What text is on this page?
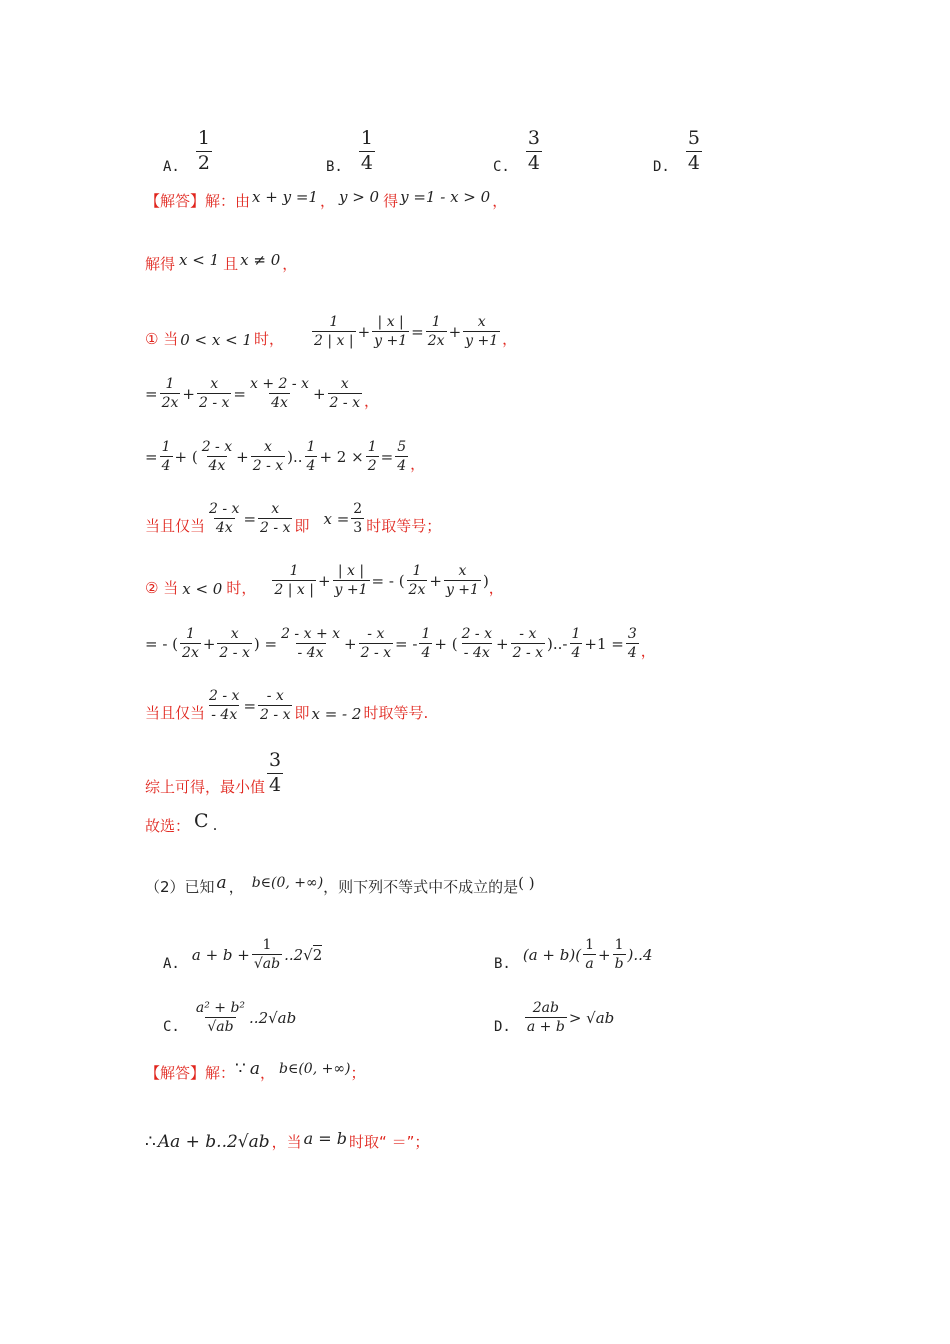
A. $\frac{1}{2}$	B. $\frac{1}{4}$	C. $\frac{3}{4}$	D. $\frac{5}{4}$
【解答】解： 由 x + y =1 ， y > 0 得 y =1 - x > 0 ，
解得 x < 1 且 x ≠ 0 ，
① 当 0 < x < 1 时， $\frac{1}{2 | x |} + \frac{| x |}{y +1} = \frac{1}{2x} + \frac{x}{y +1}$ ，
= $\frac{1}{2x} + \frac{x}{2 - x} = \frac{x + 2 - x}{4x} + \frac{x}{2 - x}$ ，
= $\frac{1}{4}$ + ( $\frac{2 - x}{4x} + \frac{x}{2 - x}$ ).. $\frac{1}{4} + 2 \times \frac{1}{2} = \frac{5}{4}$ ，
当且仅当 $\frac{2 - x}{4x} = \frac{x}{2 - x}$ 即 $x = \frac{2}{3}$ 时取等号；
② 当 x < 0 时， $\frac{1}{2 | x |} + \frac{| x |}{y +1}$ = - ( $\frac{1}{2x} + \frac{x}{y +1}$ ) ，
= - ( $\frac{1}{2x} + \frac{x}{2 - x}$ ) = $\frac{2 - x + x}{- 4x} + \frac{- x}{2 - x}$ = - $\frac{1}{4}$ + ( $\frac{2 - x}{- 4x} + \frac{- x}{2 - x}$ )..- $\frac{1}{4} +1 = \frac{3}{4}$ ，
当且仅当 $\frac{2 - x}{- 4x} = \frac{- x}{2 - x}$ 即 x = - 2 时取等号.
综上可得，最小值 $\frac{3}{4}$
故选： C .
（2）已知 a ， b∈(0, +∞) ，则下列不等式中不成立的是 ( )
A.
$a + b + \frac{1}{√ab} ..2√$ 2
B.
$(a + b)( \frac{1}{a} + \frac{1}{b}$ ).. 4
C. $\frac{\text{a² + b²}}{√ab} ..2√ab$
D. $\frac{2ab}{a + b} > √ab$
【解答】解： ∵ a ， b∈(0, +∞) ；
∴ Aa + b..2√ab ，当 a = b 时取“ ＝”；
